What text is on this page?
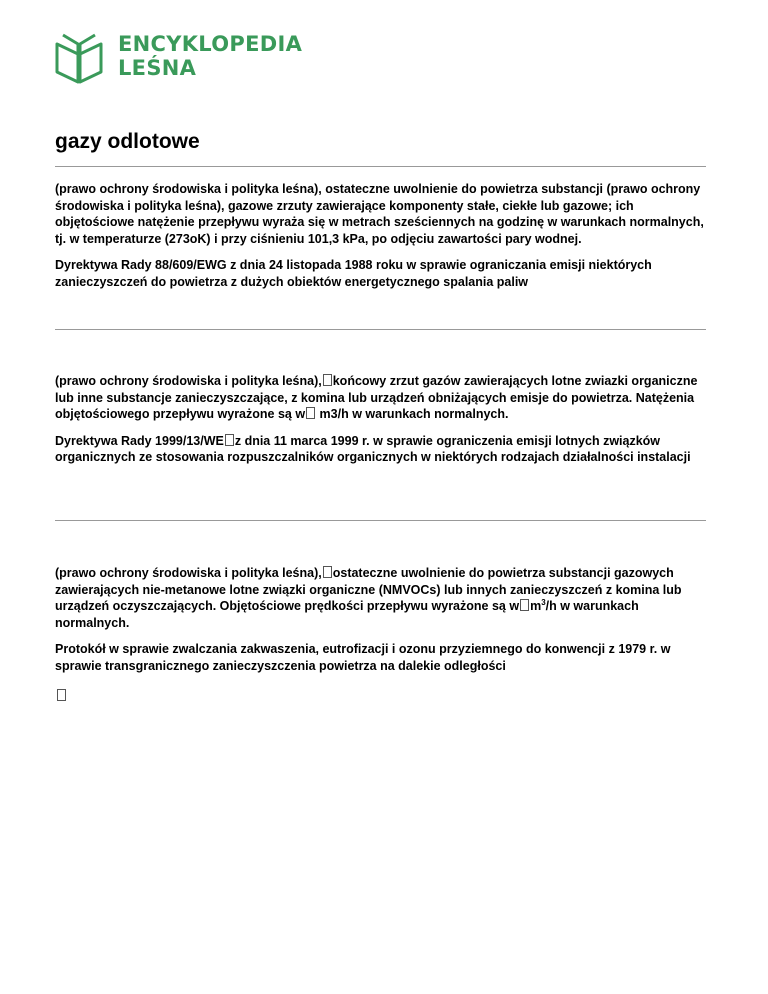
ENCYKLOPEDIA
LEŚNA
gazy odlotowe

(prawo ochrony środowiska i polityka leśna), ostateczne uwolnienie do powietrza substancji (prawo ochrony środowiska i polityka leśna), gazowe zrzuty zawierające komponenty stałe, ciekłe lub gazowe; ich objętościowe natężenie przepływu wyraża się w metrach sześciennych na godzinę w warunkach normalnych, tj. w temperaturze (273oK) i przy ciśnieniu 101,3 kPa, po odjęciu zawartości pary wodnej.

Dyrektywa Rady 88/609/EWG z dnia 24 listopada 1988 roku w sprawie ograniczania emisji niektórych zanieczyszczeń do powietrza z dużych obiektów energetycznego spalania paliw

(prawo ochrony środowiska i polityka leśna), końcowy zrzut gazów zawierających lotne zwiazki organiczne lub inne substancje zanieczyszczające, z komina lub urządzeń obniżających emisje do powietrza. Natężenia objętościowego przepływu wyrażone są w m3/h w warunkach normalnych.

Dyrektywa Rady 1999/13/WE z dnia 11 marca 1999 r. w sprawie ograniczenia emisji lotnych związków organicznych ze stosowania rozpuszczalników organicznych w niektórych rodzajach działalności instalacji

(prawo ochrony środowiska i polityka leśna), ostateczne uwolnienie do powietrza substancji gazowych zawierających nie-metanowe lotne związki organiczne (NMVOCs) lub innych zanieczyszczeń z komina lub urządzeń oczyszczających. Objętościowe prędkości przepływu wyrażone są w $m^3/h$ w warunkach normalnych.

Protokół w sprawie zwalczania zakwaszenia, eutrofizacji i ozonu przyziemnego do konwencji z 1979 r. w sprawie transgranicznego zanieczyszczenia powietrza na dalekie odległości
